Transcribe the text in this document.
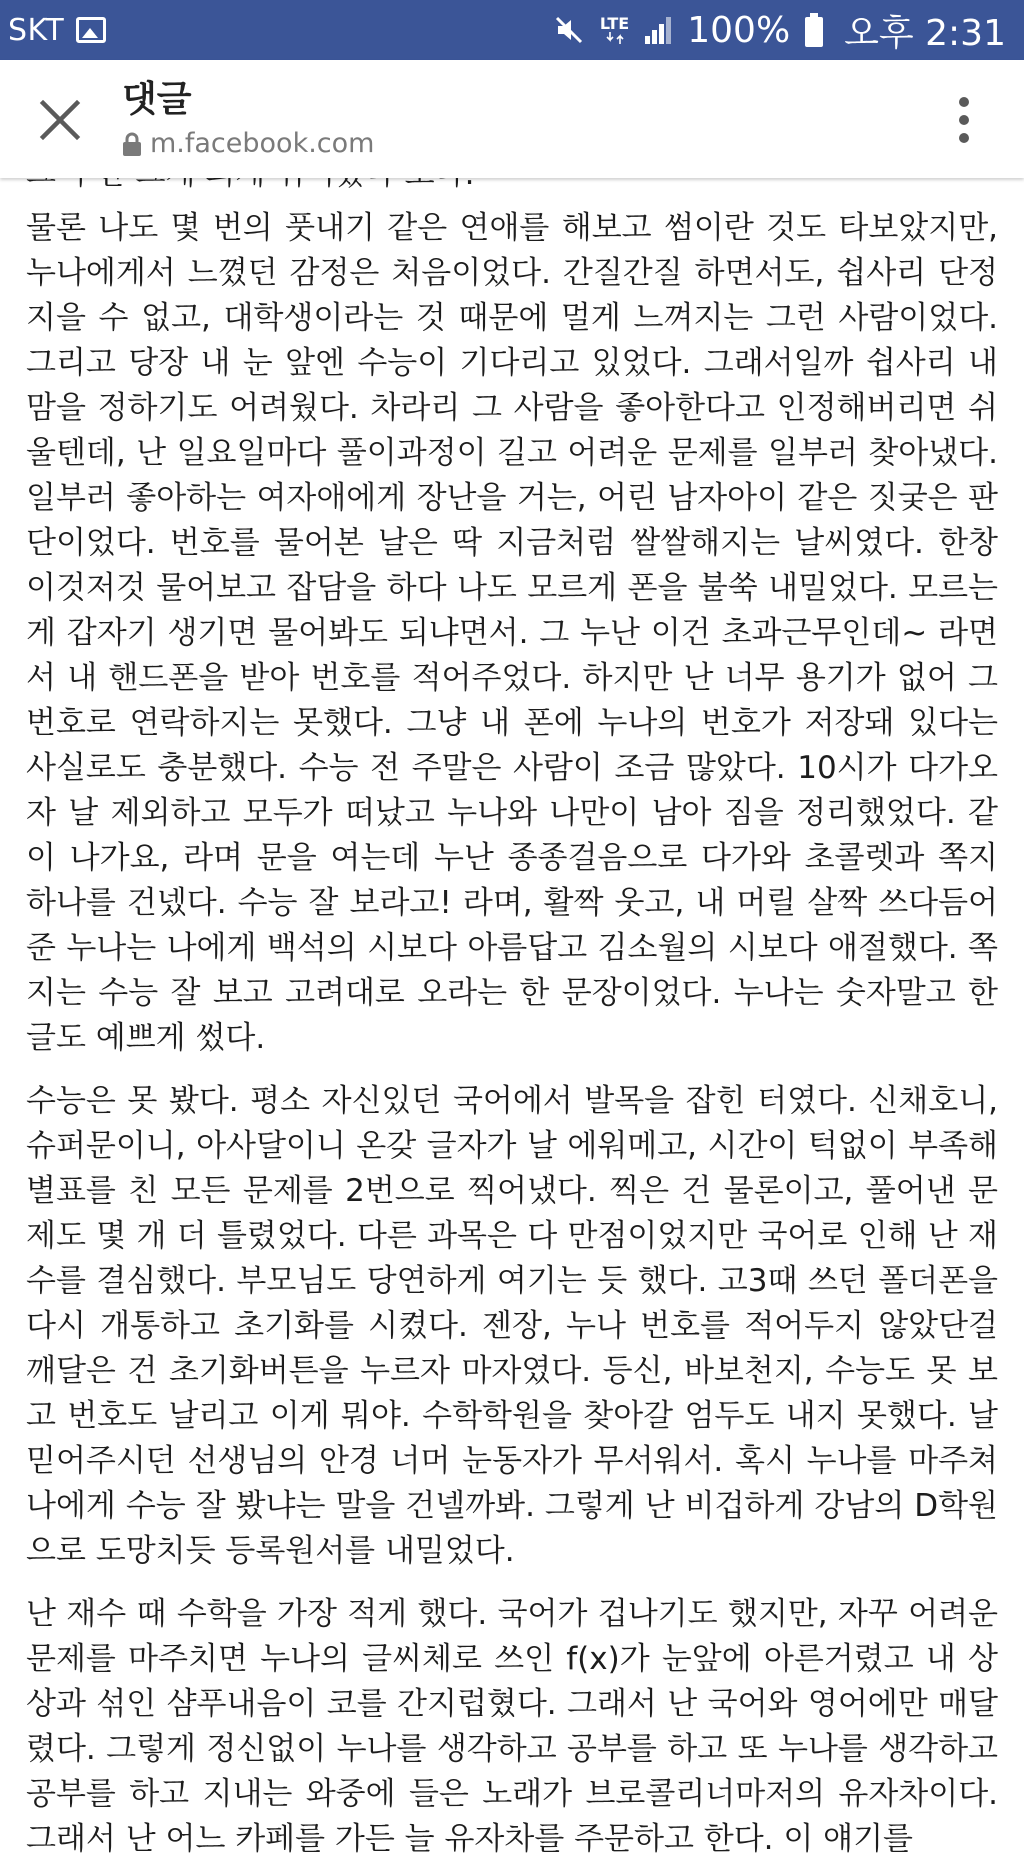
SKT	LTE 100% 오후 2:31
댓글
m.facebook.com

물론 나도 몇 번의 풋내기 같은 연애를 해보고 썸이란 것도 타보았지만, 누나에게서 느꼈던 감정은 처음이었다. 간질간질 하면서도, 쉽사리 단정지을 수 없고, 대학생이라는 것 때문에 멀게 느껴지는 그런 사람이었다. 그리고 당장 내 눈 앞엔 수능이 기다리고 있었다. 그래서일까 쉽사리 내 맘을 정하기도 어려웠다. 차라리 그 사람을 좋아한다고 인정해버리면 쉬울텐데, 난 일요일마다 풀이과정이 길고 어려운 문제를 일부러 찾아냈다. 일부러 좋아하는 여자애에게 장난을 거는, 어린 남자아이 같은 짓궂은 판단이었다. 번호를 물어본 날은 딱 지금처럼 쌀쌀해지는 날씨였다. 한창 이것저것 물어보고 잡담을 하다 나도 모르게 폰을 불쑥 내밀었다. 모르는게 갑자기 생기면 물어봐도 되냐면서. 그 누난 이건 초과근무인데~ 라면서 내 핸드폰을 받아 번호를 적어주었다. 하지만 난 너무 용기가 없어 그 번호로 연락하지는 못했다. 그냥 내 폰에 누나의 번호가 저장돼 있다는 사실로도 충분했다. 수능 전 주말은 사람이 조금 많았다. 10시가 다가오자 날 제외하고 모두가 떠났고 누나와 나만이 남아 짐을 정리했었다. 같이 나가요, 라며 문을 여는데 누난 종종걸음으로 다가와 초콜렛과 쪽지 하나를 건넸다. 수능 잘 보라고! 라며, 활짝 웃고, 내 머릴 살짝 쓰다듬어준 누나는 나에게 백석의 시보다 아름답고 김소월의 시보다 애절했다. 쪽지는 수능 잘 보고 고려대로 오라는 한 문장이었다. 누나는 숫자말고 한글도 예쁘게 썼다.

수능은 못 봤다. 평소 자신있던 국어에서 발목을 잡힌 터였다. 신채호니, 슈퍼문이니, 아사달이니 온갖 글자가 날 에워메고, 시간이 턱없이 부족해 별표를 친 모든 문제를 2번으로 찍어냈다. 찍은 건 물론이고, 풀어낸 문제도 몇 개 더 틀렸었다. 다른 과목은 다 만점이었지만 국어로 인해 난 재수를 결심했다. 부모님도 당연하게 여기는 듯 했다. 고3때 쓰던 폴더폰을 다시 개통하고 초기화를 시켰다. 젠장, 누나 번호를 적어두지 않았단걸 깨달은 건 초기화버튼을 누르자 마자였다. 등신, 바보천지, 수능도 못 보고 번호도 날리고 이게 뭐야. 수학학원을 찾아갈 엄두도 내지 못했다. 날 믿어주시던 선생님의 안경 너머 눈동자가 무서워서. 혹시 누나를 마주쳐 나에게 수능 잘 봤냐는 말을 건넬까봐. 그렇게 난 비겁하게 강남의 D학원으로 도망치듯 등록원서를 내밀었다.

난 재수 때 수학을 가장 적게 했다. 국어가 겁나기도 했지만, 자꾸 어려운 문제를 마주치면 누나의 글씨체로 쓰인 f(x)가 눈앞에 아른거렸고 내 상상과 섞인 샴푸내음이 코를 간지럽혔다. 그래서 난 국어와 영어에만 매달렸다. 그렇게 정신없이 누나를 생각하고 공부를 하고 또 누나를 생각하고 공부를 하고 지내는 와중에 들은 노래가 브로콜리너마저의 유자차이다. 그래서 난 어느 카페를 가든 늘 유자차를 주문하고 한다. 이 얘기를
